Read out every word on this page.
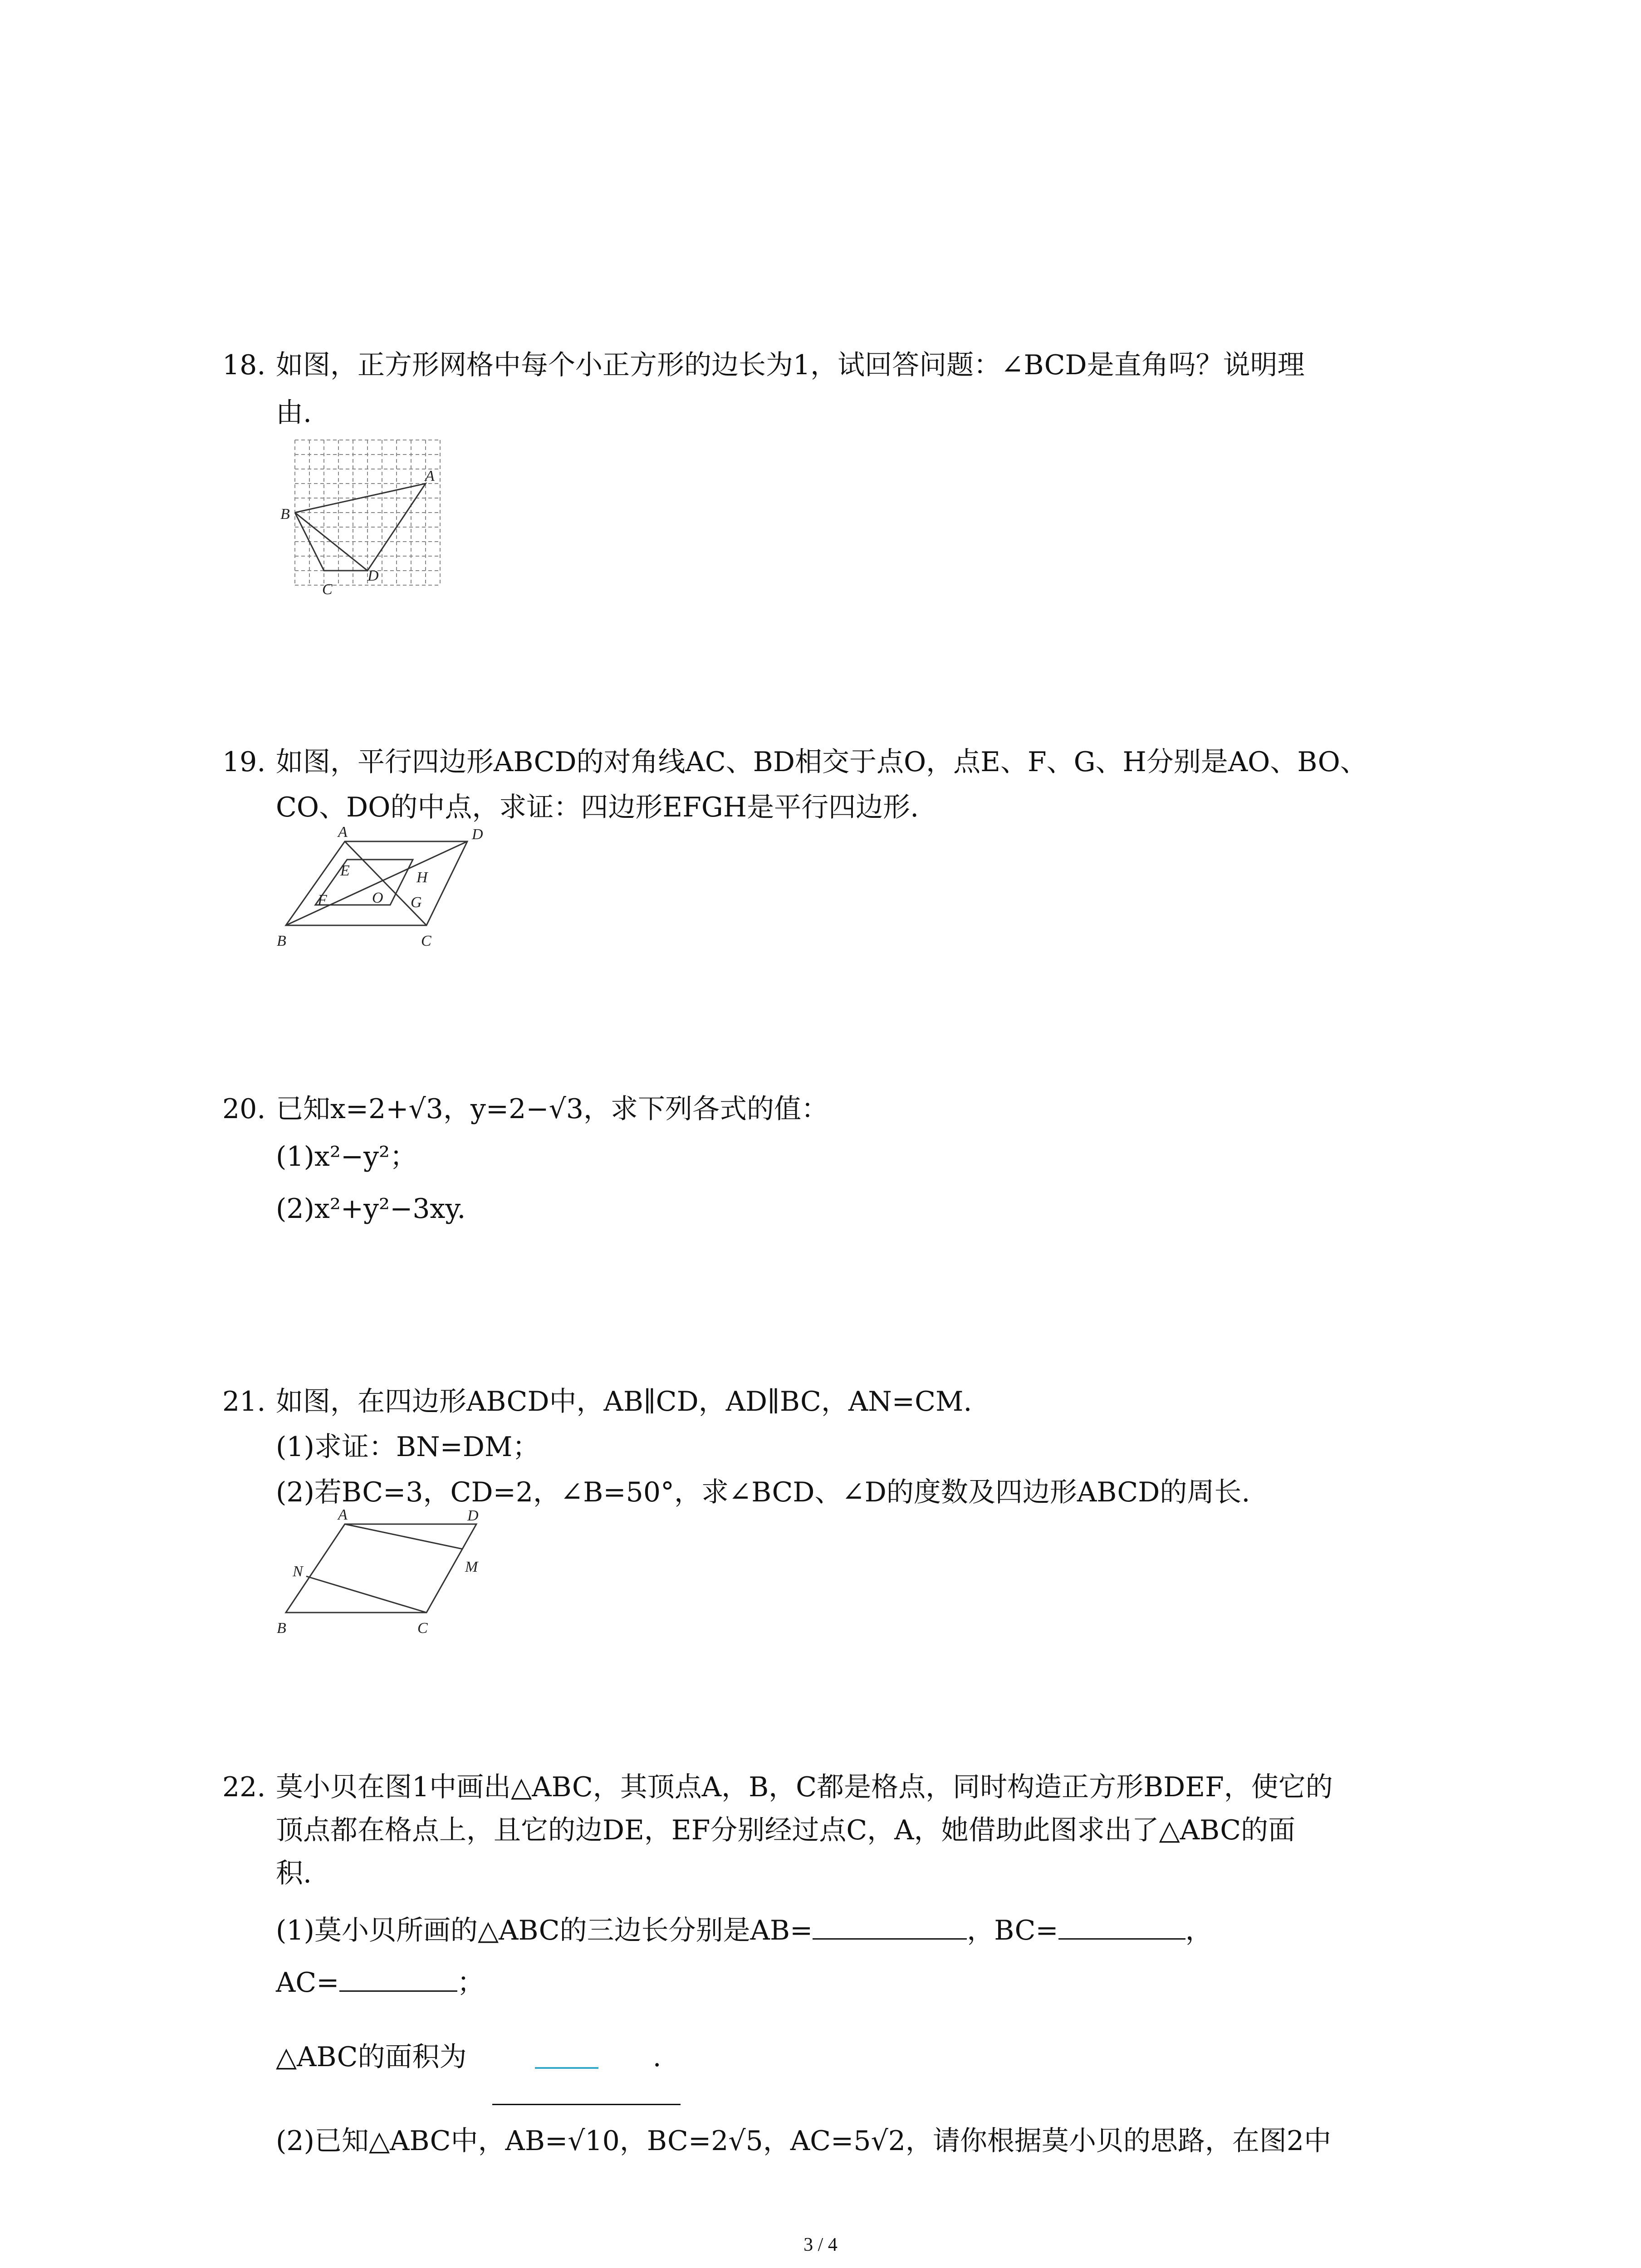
18. 如图，正方形网格中每个小正方形的边长为1，试回答问题：∠BCD是直角吗？说明理
由.
A
B
C
D
19. 如图，平行四边形ABCD的对角线AC、BD相交于点O，点E、F、G、H分别是AO、BO、
CO、DO的中点，求证：四边形EFGH是平行四边形.
A	D
B	C
E
F	G
H
O
20. 已知x=2+√3，y=2−√3，求下列各式的值：
(1)x²−y²；
(2)x²+y²−3xy.
21. 如图，在四边形ABCD中，AB∥CD，AD∥BC，AN=CM.
(1)求证：BN=DM；
(2)若BC=3，CD=2，∠B=50°，求∠BCD、∠D的度数及四边形ABCD的周长.
A	D
B	C
M
N
22. 莫小贝在图1中画出△ABC，其顶点A，B，C都是格点，同时构造正方形BDEF，使它的
顶点都在格点上，且它的边DE，EF分别经过点C，A，她借助此图求出了△ABC的面
积.
(1)莫小贝所画的△ABC的三边长分别是AB=	，BC=	，
AC=	；
△ABC的面积为	.
(2)已知△ABC中，AB=√10，BC=2√5，AC=5√2，请你根据莫小贝的思路，在图2中
3 / 4
